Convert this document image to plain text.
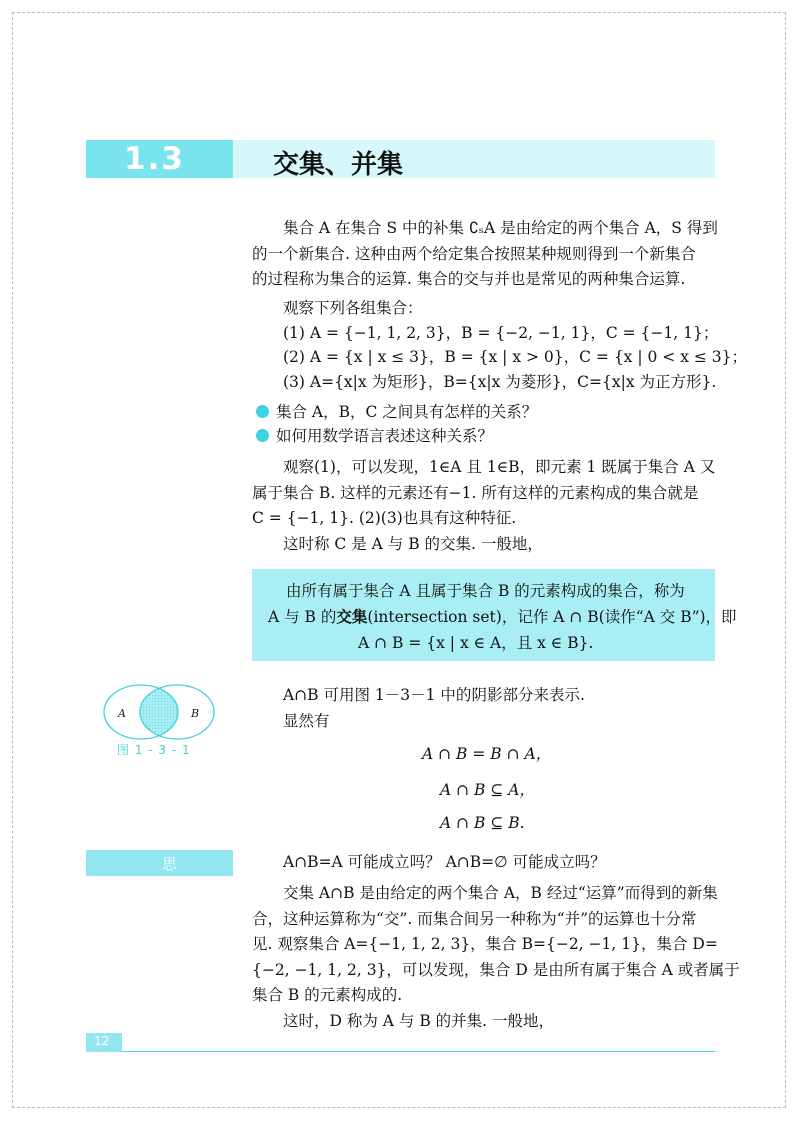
1.3	交集、并集
集合 A 在集合 S 中的补集 ∁ₛA 是由给定的两个集合 A，S 得到
的一个新集合. 这种由两个给定集合按照某种规则得到一个新集合
的过程称为集合的运算. 集合的交与并也是常见的两种集合运算.
观察下列各组集合：
(1) A = {−1, 1, 2, 3}，B = {−2, −1, 1}，C = {−1, 1}；
(2) A = {x | x ≤ 3}，B = {x | x > 0}，C = {x | 0 < x ≤ 3}；
(3) A={x|x 为矩形}，B={x|x 为菱形}，C={x|x 为正方形}.
集合 A，B，C 之间具有怎样的关系？
如何用数学语言表述这种关系？
观察(1)，可以发现，1∈A 且 1∈B，即元素 1 既属于集合 A 又
属于集合 B. 这样的元素还有−1. 所有这样的元素构成的集合就是
C = {−1, 1}. (2)(3)也具有这种特征.
这时称 C 是 A 与 B 的交集. 一般地，
由所有属于集合 A 且属于集合 B 的元素构成的集合，称为
A 与 B 的交集(intersection set)，记作 A ∩ B(读作“A 交 B”)，即
A ∩ B = {x | x ∈ A，且 x ∈ B}.
A	B
图 1 - 3 - 1
A∩B 可用图 1－3－1 中的阴影部分来表示.
显然有
A ∩ B = B ∩ A，
A ∩ B ⊆ A，
A ∩ B ⊆ B.
思 考
A∩B=A 可能成立吗？ A∩B=∅ 可能成立吗？
交集 A∩B 是由给定的两个集合 A，B 经过“运算”而得到的新集
合，这种运算称为“交”. 而集合间另一种称为“并”的运算也十分常
见. 观察集合 A={−1, 1, 2, 3}，集合 B={−2, −1, 1}，集合 D=
{−2, −1, 1, 2, 3}，可以发现，集合 D 是由所有属于集合 A 或者属于
集合 B 的元素构成的.
这时，D 称为 A 与 B 的并集. 一般地，
12
